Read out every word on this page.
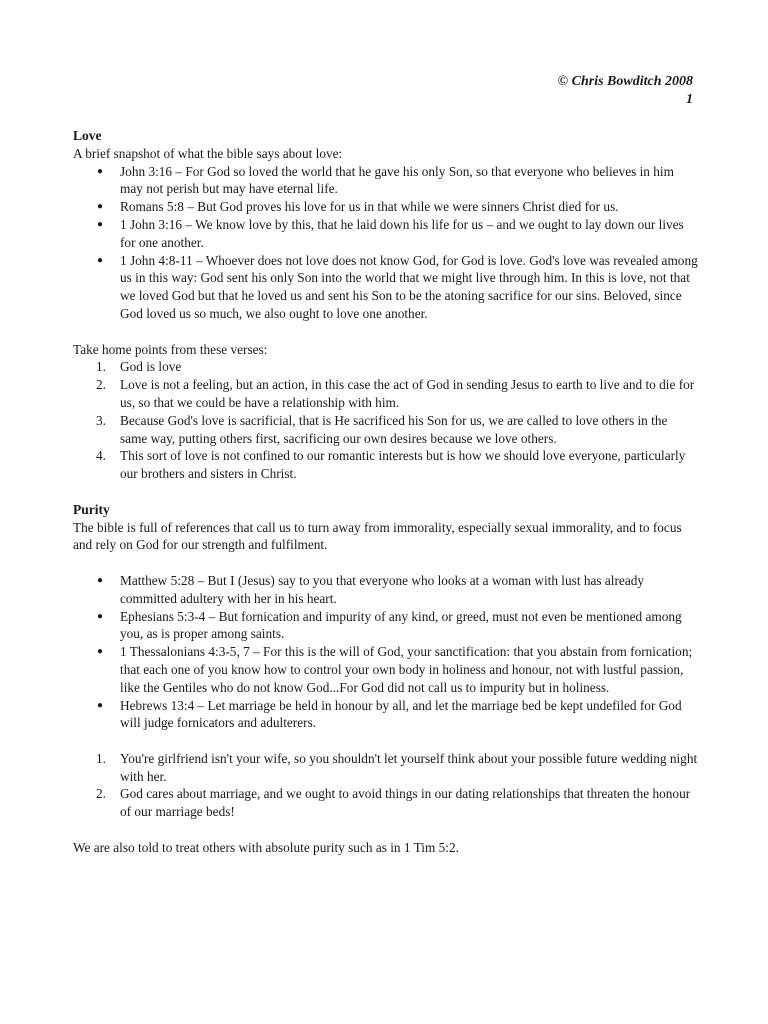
© Chris Bowditch 2008
1
Love

A brief snapshot of what the bible says about love:

● John 3:16 – For God so loved the world that he gave his only Son, so that everyone who believes in him may not perish but may have eternal life.
● Romans 5:8 – But God proves his love for us in that while we were sinners Christ died for us.
● 1 John 3:16 – We know love by this, that he laid down his life for us – and we ought to lay down our lives for one another.
● 1 John 4:8-11 – Whoever does not love does not know God, for God is love. God's love was revealed among us in this way: God sent his only Son into the world that we might live through him. In this is love, not that we loved God but that he loved us and sent his Son to be the atoning sacrifice for our sins. Beloved, since God loved us so much, we also ought to love one another.

Take home points from these verses:

1. God is love
2. Love is not a feeling, but an action, in this case the act of God in sending Jesus to earth to live and to die for us, so that we could be have a relationship with him.
3. Because God's love is sacrificial, that is He sacrificed his Son for us, we are called to love others in the same way, putting others first, sacrificing our own desires because we love others.
4. This sort of love is not confined to our romantic interests but is how we should love everyone, particularly our brothers and sisters in Christ.
Purity

The bible is full of references that call us to turn away from immorality, especially sexual immorality, and to focus and rely on God for our strength and fulfilment.

● Matthew 5:28 – But I (Jesus) say to you that everyone who looks at a woman with lust has already committed adultery with her in his heart.
● Ephesians 5:3-4 – But fornication and impurity of any kind, or greed, must not even be mentioned among you, as is proper among saints.
● 1 Thessalonians 4:3-5, 7 – For this is the will of God, your sanctification: that you abstain from fornication; that each one of you know how to control your own body in holiness and honour, not with lustful passion, like the Gentiles who do not know God...For God did not call us to impurity but in holiness.
● Hebrews 13:4 – Let marriage be held in honour by all, and let the marriage bed be kept undefiled for God will judge fornicators and adulterers.
1. You're girlfriend isn't your wife, so you shouldn't let yourself think about your possible future wedding night with her.
2. God cares about marriage, and we ought to avoid things in our dating relationships that threaten the honour of our marriage beds!

We are also told to treat others with absolute purity such as in 1 Tim 5:2.
